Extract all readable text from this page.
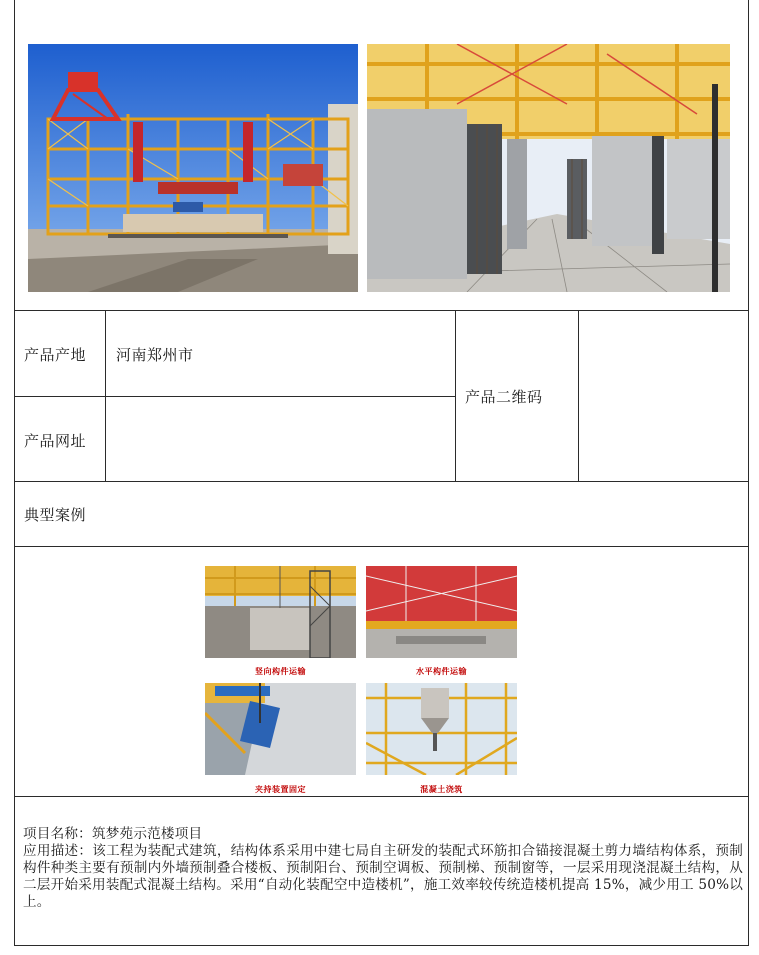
产品产地 河南郑州市
产品网址
产品二维码
典型案例
竖向构件运输	水平构件运输
夹持装置固定	混凝土浇筑

项目名称：筑梦苑示范楼项目

应用描述：该工程为装配式建筑，结构体系采用中建七局自主研发的装配式环筋扣合锚接混凝土剪力墙结构体系，预制构件种类主要有预制内外墙预制叠合楼板、预制阳台、预制空调板、预制梯、预制窗等，一层采用现浇混凝土结构，从二层开始采用装配式混凝土结构。采用“自动化装配空中造楼机”，施工效率较传统造楼机提高 15%，减少用工 50%以上。
